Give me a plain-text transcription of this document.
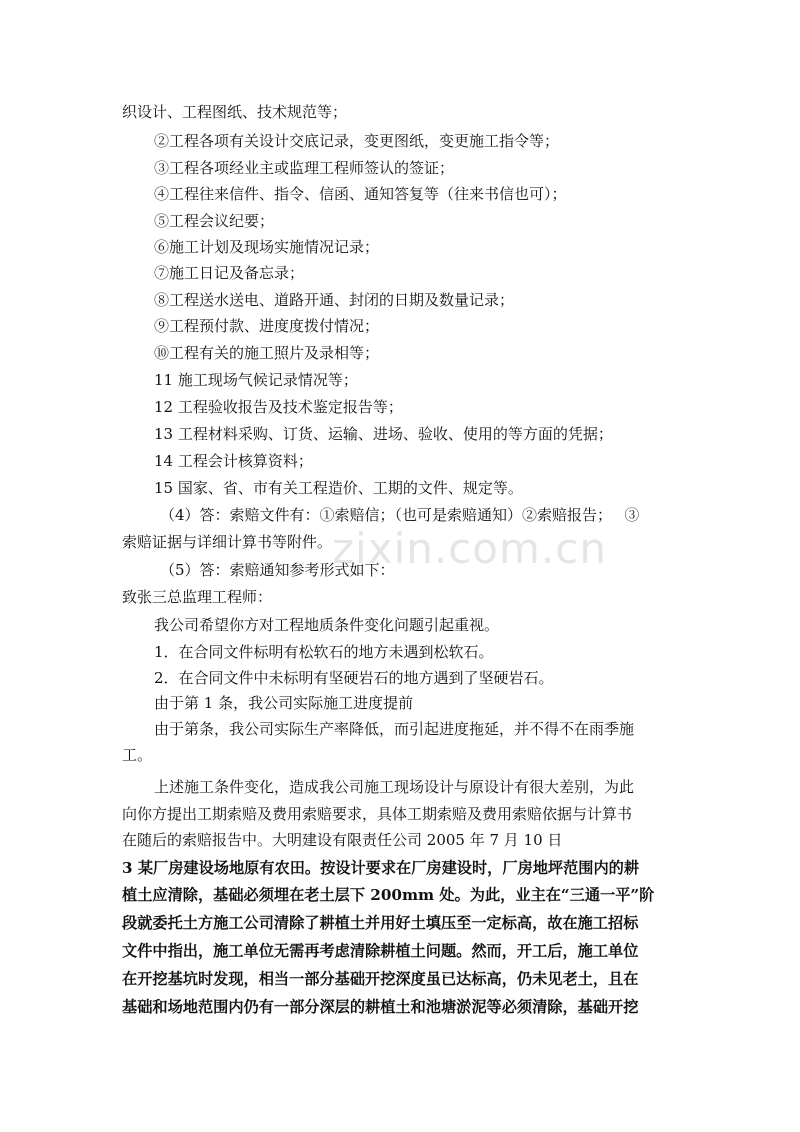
织设计、工程图纸、技术规范等；
②工程各项有关设计交底记录，变更图纸，变更施工指令等；
③工程各项经业主或监理工程师签认的签证；
④工程往来信件、指令、信函、通知答复等（往来书信也可）；
⑤工程会议纪要；
⑥施工计划及现场实施情况记录；
⑦施工日记及备忘录；
⑧工程送水送电、道路开通、封闭的日期及数量记录；
⑨工程预付款、进度度拨付情况；
⑩工程有关的施工照片及录相等；
11 施工现场气候记录情况等；
12 工程验收报告及技术鉴定报告等；
13 工程材料采购、订货、运输、进场、验收、使用的等方面的凭据；
14 工程会计核算资料；
15 国家、省、市有关工程造价、工期的文件、规定等。
（4）答：索赔文件有：①索赔信；（也可是索赔通知）②索赔报告；　 ③
索赔证据与详细计算书等附件。
（5）答：索赔通知参考形式如下：
致张三总监理工程师：
我公司希望你方对工程地质条件变化问题引起重视。
1．在合同文件标明有松软石的地方未遇到松软石。
2．在合同文件中未标明有坚硬岩石的地方遇到了坚硬岩石。
由于第 1 条，我公司实际施工进度提前
由于第条，我公司实际生产率降低，而引起进度拖延，并不得不在雨季施
工。
上述施工条件变化，造成我公司施工现场设计与原设计有很大差别，为此
向你方提出工期索赔及费用索赔要求，具体工期索赔及费用索赔依据与计算书
在随后的索赔报告中。大明建设有限责任公司 2005 年 7 月 10 日
3 某厂房建设场地原有农田。按设计要求在厂房建设时，厂房地坪范围内的耕
植土应清除，基础必须埋在老土层下 200mm 处。为此，业主在“三通一平”阶
段就委托土方施工公司清除了耕植土并用好土填压至一定标高，故在施工招标
文件中指出，施工单位无需再考虑清除耕植土问题。然而，开工后，施工单位
在开挖基坑时发现，相当一部分基础开挖深度虽已达标高，仍未见老土，且在
基础和场地范围内仍有一部分深层的耕植土和池塘淤泥等必须清除，基础开挖
zixin.com.cn
